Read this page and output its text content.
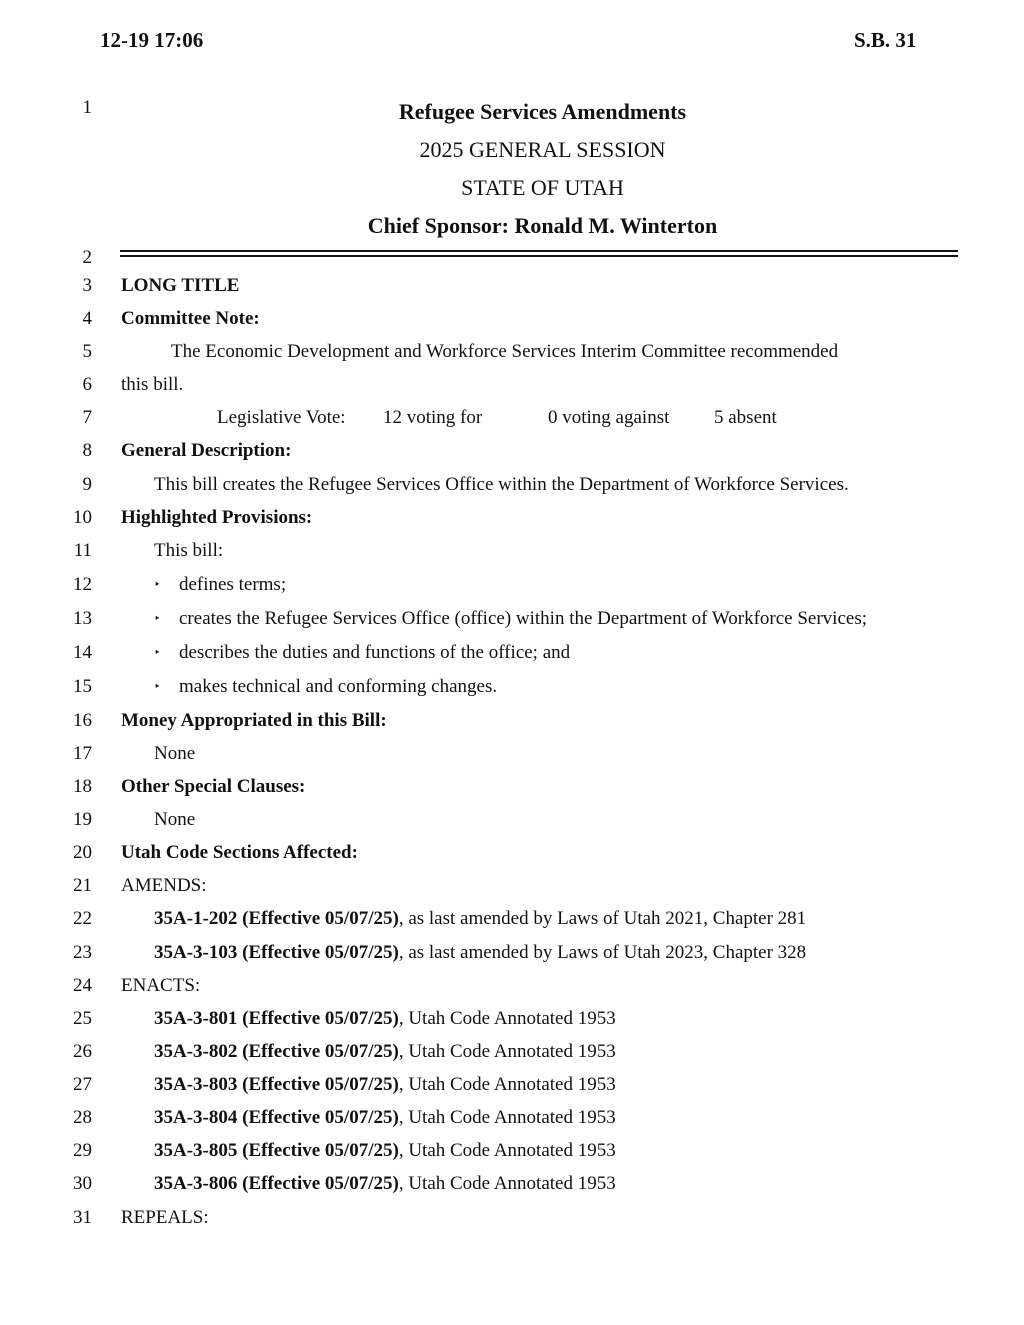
12-19 17:06	S.B. 31
1
2
3
4
5
6
7
8
9
10
11
12
13
14
15
16
17
18
19
20
21
22
23
24
25
26
27
28
29
30
31
Refugee Services Amendments
2025 GENERAL SESSION
STATE OF UTAH
Chief Sponsor: Ronald M. Winterton
LONG TITLE
Committee Note:
The Economic Development and Workforce Services Interim Committee recommended
this bill.
Legislative Vote: 12 voting for	0 voting against 5 absent
General Description:
This bill creates the Refugee Services Office within the Department of Workforce Services.
Highlighted Provisions:
This bill:
‣ defines terms;
‣ creates the Refugee Services Office (office) within the Department of Workforce Services;
‣ describes the duties and functions of the office; and
‣ makes technical and conforming changes.
Money Appropriated in this Bill:
None
Other Special Clauses:
None
Utah Code Sections Affected:
AMENDS:
35A-1-202 (Effective 05/07/25), as last amended by Laws of Utah 2021, Chapter 281
35A-3-103 (Effective 05/07/25), as last amended by Laws of Utah 2023, Chapter 328
ENACTS:
35A-3-801 (Effective 05/07/25), Utah Code Annotated 1953
35A-3-802 (Effective 05/07/25), Utah Code Annotated 1953
35A-3-803 (Effective 05/07/25), Utah Code Annotated 1953
35A-3-804 (Effective 05/07/25), Utah Code Annotated 1953
35A-3-805 (Effective 05/07/25), Utah Code Annotated 1953
35A-3-806 (Effective 05/07/25), Utah Code Annotated 1953
REPEALS:
